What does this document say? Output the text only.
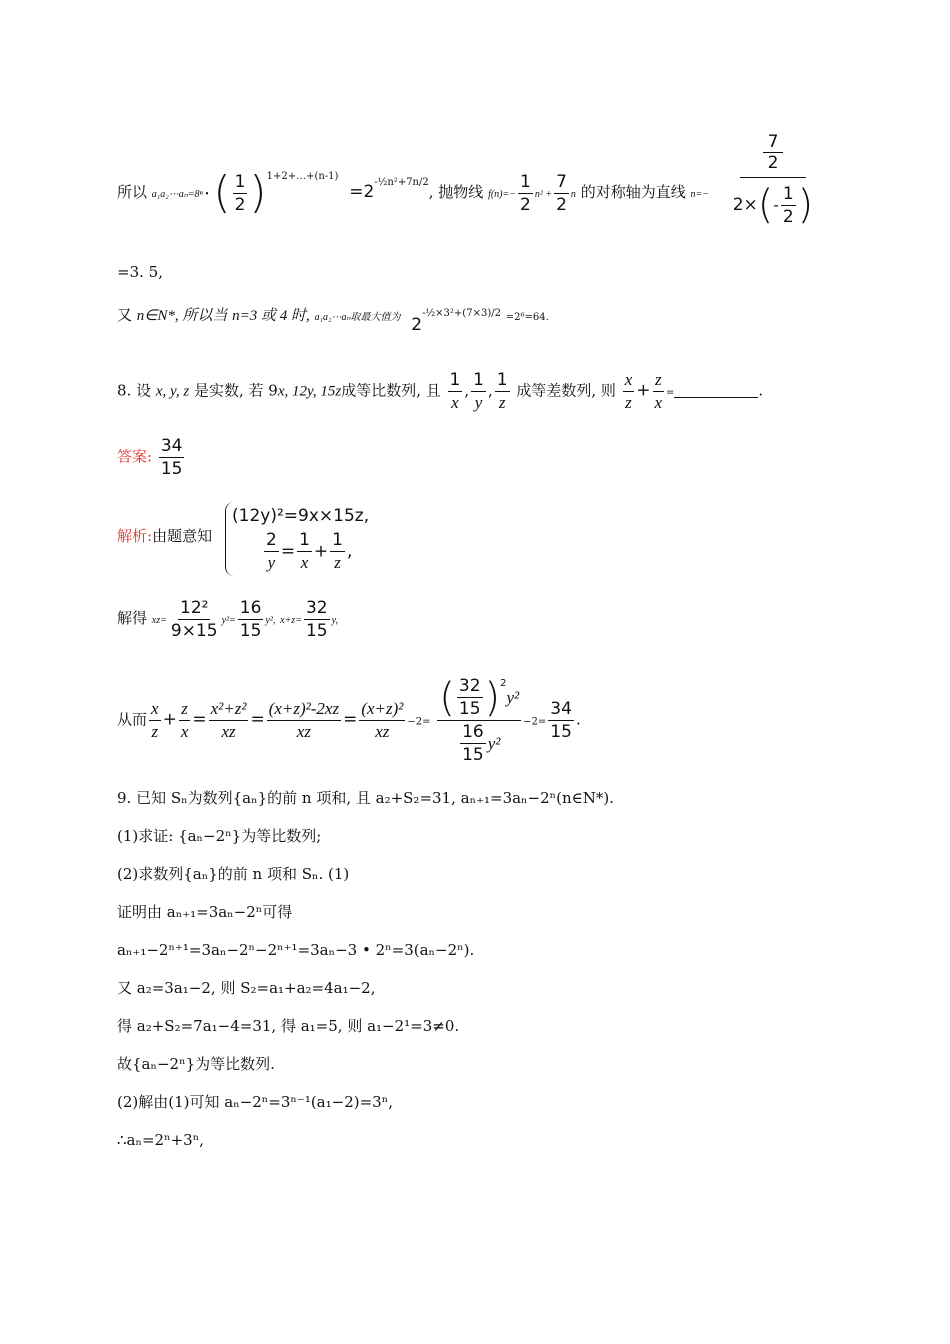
所以 a₁a₂⋯aₙ=8ⁿ • ( $\frac{1}{2} )^{1+2+\dots+(n-1)} =2^{-\frac{1}{2}n^2+7n/2}$, 抛物线 $f(n)=- \frac{1}{2} n^2 + \frac{7}{2}$ n 的对称轴为直线 n=−
7
2
2× ( - $\frac{1}{2}$ )
=3. 5,
又 n∈N*, 所以当 n=3 或 4 时, a₁a₂⋯aₙ取最大值为 $2^{-\frac{1}{2}\times 3^2+(7\times 3)/2} =2^6=64$.
8. 设 x, y, z 是实数, 若 9x, 12y, 15z成等比数列, 且 $\frac{1}{x}$ , $\frac{1}{y}$ , $\frac{1}{z}$ 成等差数列, 则 $\frac{x}{z} + \frac{z}{x}$ =	.
答案: $\frac{34}{15}$
解析:由题意知
(12y)²=9x×15z,
$\frac{2}{y} = \frac{1}{x} + \frac{1}{z}$ ,
解得 $xz= \frac{\text{12²}}{9\times 15} y^2= \frac{16}{15} y^2$, $x+z= \frac{32}{15} y$,
从而 $\frac{x}{z} + \frac{z}{x} = \frac{\text{x²+z²}}{xz} = \frac{\text{(x+z)²-2xz}}{xz} = \frac{\text{(x+z)²}}{xz} -2=$ ( $\frac{32}{15}$ ) 2
y²
$\frac{16}{15} y^2 -2= \frac{34}{15}$ .
9. 已知 Sₙ为数列{aₙ}的前 n 项和, 且 a₂+S₂=31, aₙ₊₁=3aₙ−2ⁿ(n∈N*).
(1)求证: {aₙ−2ⁿ}为等比数列;
(2)求数列{aₙ}的前 n 项和 Sₙ. (1)
证明由 aₙ₊₁=3aₙ−2ⁿ可得
aₙ₊₁−2ⁿ⁺¹=3aₙ−2ⁿ−2ⁿ⁺¹=3aₙ−3 • 2ⁿ=3(aₙ−2ⁿ).
又 a₂=3a₁−2, 则 S₂=a₁+a₂=4a₁−2,
得 a₂+S₂=7a₁−4=31, 得 a₁=5, 则 a₁−2¹=3≠0.
故{aₙ−2ⁿ}为等比数列.
(2)解由(1)可知 aₙ−2ⁿ=3ⁿ⁻¹(a₁−2)=3ⁿ,
∴aₙ=2ⁿ+3ⁿ,
